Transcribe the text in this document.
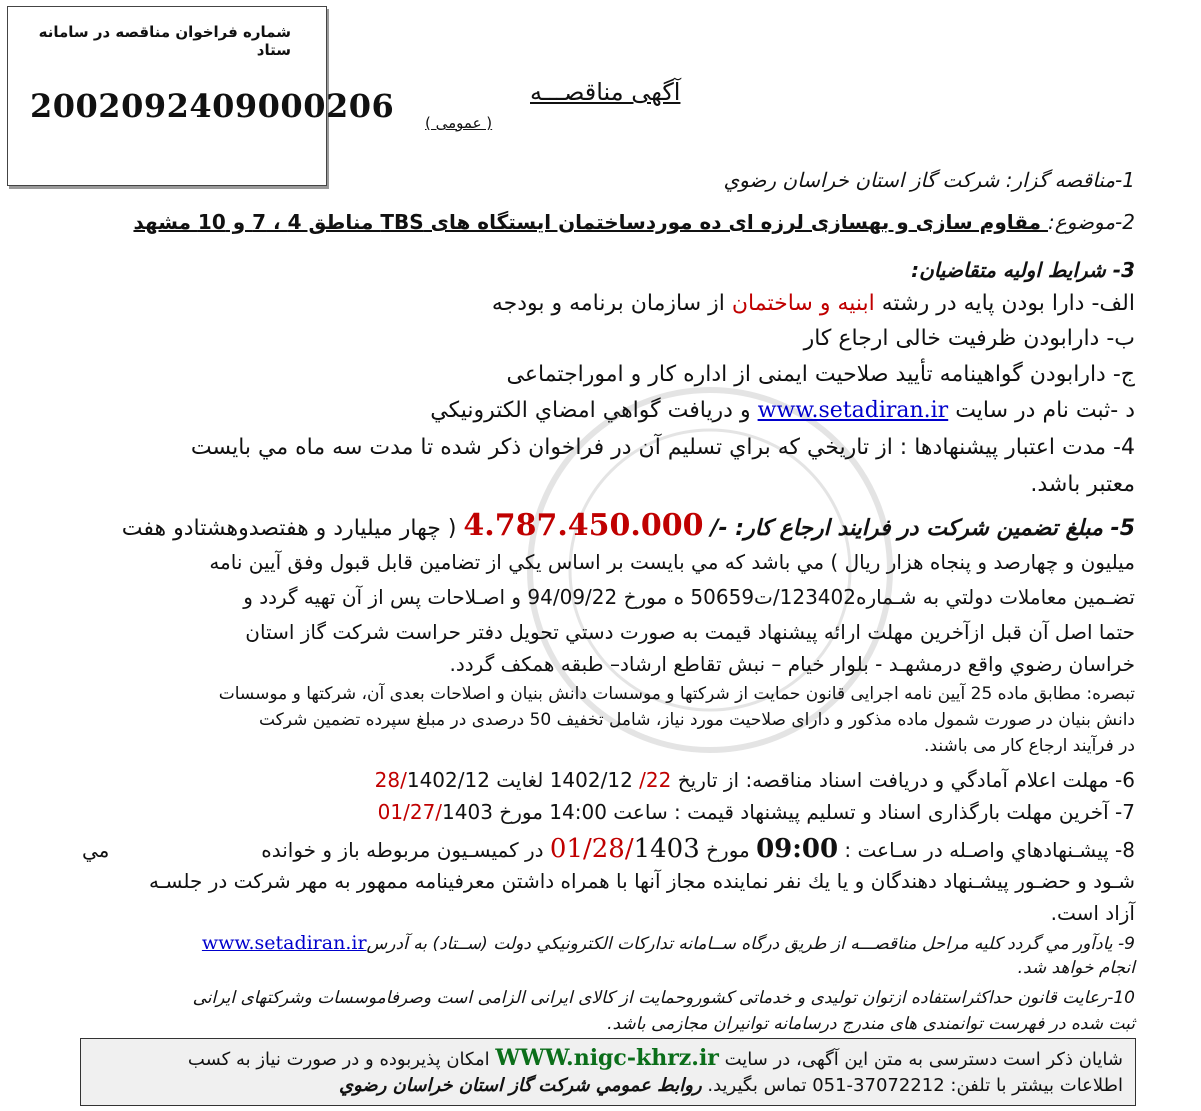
شماره فراخوان مناقصه در سامانه ستاد
2002092409000206	آگهی مناقصـــه
( عمومی )
1-مناقصه گزار: شرکت گاز استان خراسان رضوي
2-موضوع: مقاوم سازی و بهسازی لرزه ای ده موردساختمان ایستگاه های TBS مناطق 4 ، 7 و 10 مشهد
3- شرایط اولیه متقاضیان:
الف- دارا بودن پایه در رشته ابنیه و ساختمان از سازمان برنامه و بودجه
ب- دارابودن ظرفیت خالی ارجاع کار
ج- دارابودن گواهينامه تأييد صلاحيت ايمنى از اداره کار و اموراجتماعی
د -ثبت نام در سایت www.setadiran.ir و دريافت گواهي امضاي الكترونيكي
4- مدت اعتبار پيشنهادها : از تاريخي كه براي تسليم آن در فراخوان ذكر شده تا مدت سه ماه مي بايست
معتبر باشد.
5- مبلغ تضمین شرکت در فرایند ارجاع کار: -/ 4.787.450.000 ( چهار میلیارد و هفتصدوهشتادو هفت
میلیون و چهارصد و پنجاه هزار ریال ) مي باشد که مي بایست بر اساس یکي از تضامین قابل قبول وفق آیین نامه
تضـمین معاملات دولتي به شـماره123402/ت50659 ه مورخ 94/09/22 و اصـلاحات پس از آن تهیه گردد و
حتما اصل آن قبل ازآخرین مهلت ارائه پیشنهاد قیمت به صورت دستي تحویل دفتر حراست شرکت گاز استان
خراسان رضوي واقع درمشهـد - بلوار خیام – نبش تقاطع ارشاد– طبقه همکف گردد.
تبصره: مطابق ماده 25 آیین نامه اجرایی قانون حمایت از شرکتها و موسسات دانش بنیان و اصلاحات بعدی آن، شرکتها و موسسات
دانش بنیان در صورت شمول ماده مذکور و دارای صلاحیت مورد نیاز، شامل تخفیف 50 درصدی در مبلغ سپرده تضمین شرکت
در فرآیند ارجاع کار می باشند.
6- مهلت اعلام آمادگي و دريافت اسناد مناقصه: از تاريخ 22/ 1402/12 لغایت 28/1402/12
7- آخرين مهلت بارگذاری اسناد و تسليم پيشنهاد قيمت : ساعت 14:00 مورخ 01/27/1403
8- پيشـنهادهاي واصـله در سـاعت : 09:00 مورخ 01/28/1403 در كميسـيون مربوطه باز و خوانده
مي
شـود و حضـور پيشـنهاد دهندگان و يا يك نفر نماينده مجاز آنها با همراه داشتن معرفينامه ممهور به مهر شركت در جلسـه
آزاد است.
9- يادآور مي گردد كليه مراحل مناقصـــه از طريق درگاه ســامانه تداركات الكترونيكي دولت (ســتاد) به آدرسwww.setadiran.ir
انجام خواهد شد.
10-رعایت قانون حداکثراستفاده ازتوان تولیدی و خدماتی کشوروحمایت از کالای ایرانی الزامی است وصرفاموسسات وشرکتهای ایرانی
ثبت شده در فهرست توانمندی های مندرج درسامانه توانیران مجازمی باشد.
شايان ذكر است دسترسی به متن این آگهی، در سایت WWW.nigc-khrz.ir امكان پذيربوده و در صورت نياز به كسب
اطلاعات بيشتر با تلفن: 37072212-051 تماس بگيريد. روابط عمومي شركت گاز استان خراسان رضوي
